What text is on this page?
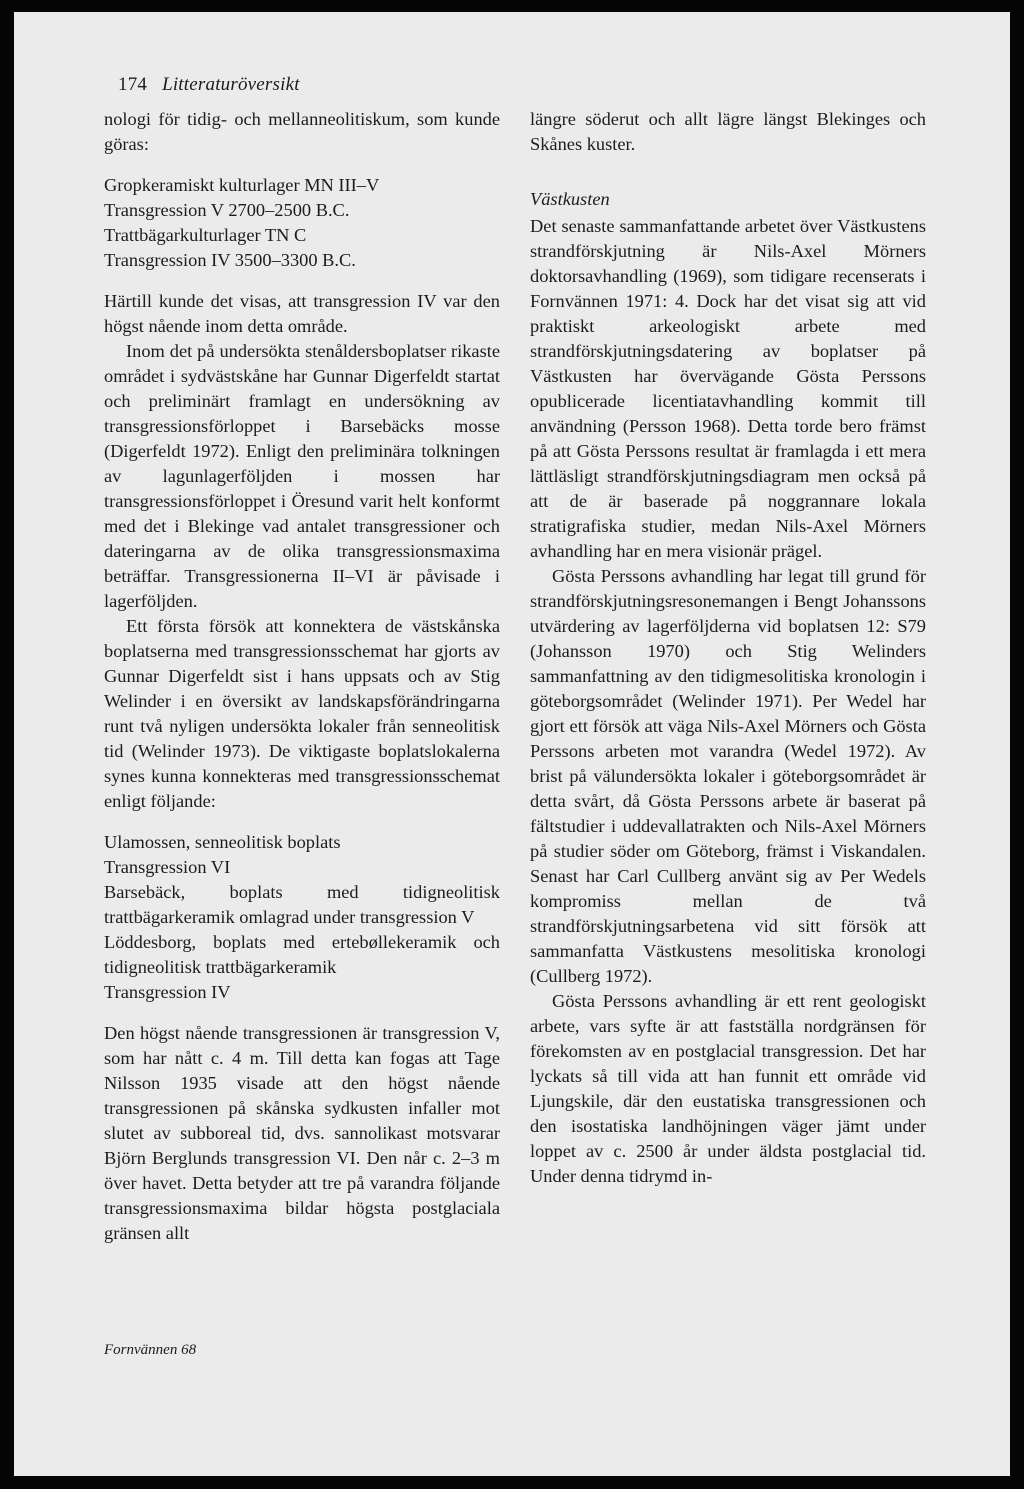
174 Litteraturöversikt

nologi för tidig- och mellanneolitiskum, som kunde göras:

Gropkeramiskt kulturlager MN III–V
Transgression V 2700–2500 B.C.
Trattbägarkulturlager TN C
Transgression IV 3500–3300 B.C.

Härtill kunde det visas, att transgression IV var den högst nående inom detta område.

Inom det på undersökta stenåldersboplatser rikaste området i sydvästskåne har Gunnar Digerfeldt startat och preliminärt framlagt en undersökning av transgressionsförloppet i Barsebäcks mosse (Digerfeldt 1972). Enligt den preliminära tolkningen av lagunlagerföljden i mossen har transgressionsförloppet i Öresund varit helt konformt med det i Blekinge vad antalet transgressioner och dateringarna av de olika transgressionsmaxima beträffar. Transgressionerna II–VI är påvisade i lagerföljden.

Ett första försök att konnektera de västskånska boplatserna med transgressionsschemat har gjorts av Gunnar Digerfeldt sist i hans uppsats och av Stig Welinder i en översikt av landskapsförändringarna runt två nyligen undersökta lokaler från senneolitisk tid (Welinder 1973). De viktigaste boplatslokalerna synes kunna konnekteras med transgressionsschemat enligt följande:

Ulamossen, senneolitisk boplats
Transgression VI
Barsebäck, boplats med tidigneolitisk trattbägarkeramik omlagrad under transgression V
Löddesborg, boplats med ertebøllekeramik och tidigneolitisk trattbägarkeramik
Transgression IV

Den högst nående transgressionen är transgression V, som har nått c. 4 m. Till detta kan fogas att Tage Nilsson 1935 visade att den högst nående transgressionen på skånska sydkusten infaller mot slutet av subboreal tid, dvs. sannolikast motsvarar Björn Berglunds transgression VI. Den når c. 2–3 m över havet. Detta betyder att tre på varandra följande transgressionsmaxima bildar högsta postglaciala gränsen allt

längre söderut och allt lägre längst Blekinges och Skånes kuster.

Västkusten

Det senaste sammanfattande arbetet över Västkustens strandförskjutning är Nils-Axel Mörners doktorsavhandling (1969), som tidigare recenserats i Fornvännen 1971: 4. Dock har det visat sig att vid praktiskt arkeologiskt arbete med strandförskjutningsdatering av boplatser på Västkusten har övervägande Gösta Perssons opublicerade licentiatavhandling kommit till användning (Persson 1968). Detta torde bero främst på att Gösta Perssons resultat är framlagda i ett mera lättläsligt strandförskjutningsdiagram men också på att de är baserade på noggrannare lokala stratigrafiska studier, medan Nils-Axel Mörners avhandling har en mera visionär prägel.

Gösta Perssons avhandling har legat till grund för strandförskjutningsresonemangen i Bengt Johanssons utvärdering av lagerföljderna vid boplatsen 12: S79 (Johansson 1970) och Stig Welinders sammanfattning av den tidigmesolitiska kronologin i göteborgsområdet (Welinder 1971). Per Wedel har gjort ett försök att väga Nils-Axel Mörners och Gösta Perssons arbeten mot varandra (Wedel 1972). Av brist på välundersökta lokaler i göteborgsområdet är detta svårt, då Gösta Perssons arbete är baserat på fältstudier i uddevallatrakten och Nils-Axel Mörners på studier söder om Göteborg, främst i Viskandalen. Senast har Carl Cullberg använt sig av Per Wedels kompromiss mellan de två strandförskjutningsarbetena vid sitt försök att sammanfatta Västkustens mesolitiska kronologi (Cullberg 1972).

Gösta Perssons avhandling är ett rent geologiskt arbete, vars syfte är att fastställa nordgränsen för förekomsten av en postglacial transgression. Det har lyckats så till vida att han funnit ett område vid Ljungskile, där den eustatiska transgressionen och den isostatiska landhöjningen väger jämt under loppet av c. 2500 år under äldsta postglacial tid. Under denna tidrymd in-

Fornvännen 68
